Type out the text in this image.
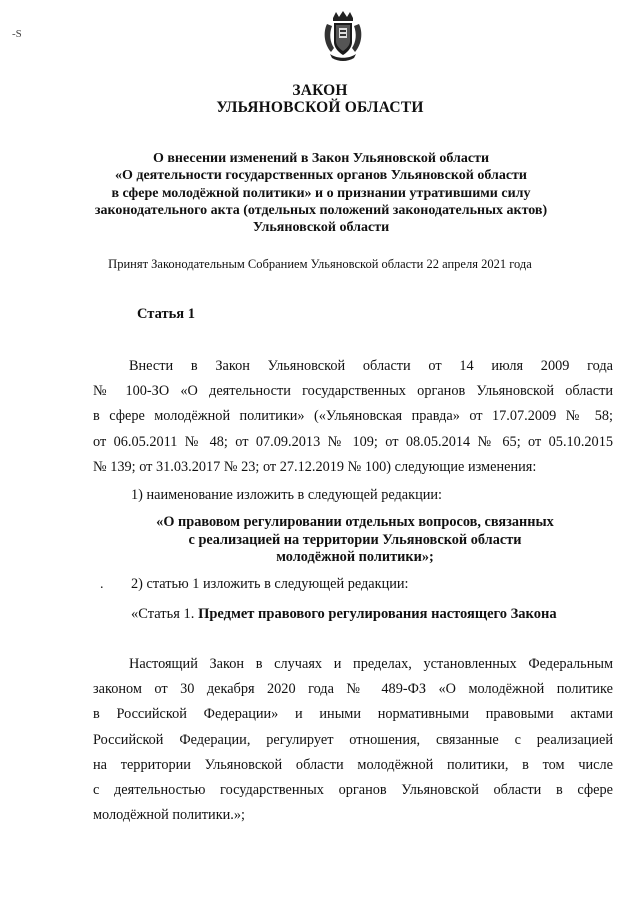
-Ѕ
ЗАКОН
УЛЬЯНОВСКОЙ ОБЛАСТИ
О внесении изменений в Закон Ульяновской области
«О деятельности государственных органов Ульяновской области
в сфере молодёжной политики» и о признании утратившими силу
законодательного акта (отдельных положений законодательных актов)
Ульяновской области
Принят Законодательным Собранием Ульяновской области 22 апреля 2021 года
Статья 1
Внести в Закон Ульяновской области от 14 июля 2009 года
№ 100-ЗО «О деятельности государственных органов Ульяновской области
в сфере молодёжной политики» («Ульяновская правда» от 17.07.2009 № 58;
от 06.05.2011 № 48; от 07.09.2013 № 109; от 08.05.2014 № 65; от 05.10.2015
№ 139; от 31.03.2017 № 23; от 27.12.2019 № 100) следующие изменения:
1) наименование изложить в следующей редакции:
«О правовом регулировании отдельных вопросов, связанных
с реализацией на территории Ульяновской области
молодёжной политики»;
. 2) статью 1 изложить в следующей редакции:
«Статья 1. Предмет правового регулирования настоящего Закона
Настоящий Закон в случаях и пределах, установленных Федеральным
законом от 30 декабря 2020 года № 489-ФЗ «О молодёжной политике
в Российской Федерации» и иными нормативными правовыми актами
Российской Федерации, регулирует отношения, связанные с реализацией
на территории Ульяновской области молодёжной политики, в том числе
с деятельностью государственных органов Ульяновской области в сфере
молодёжной политики.»;
